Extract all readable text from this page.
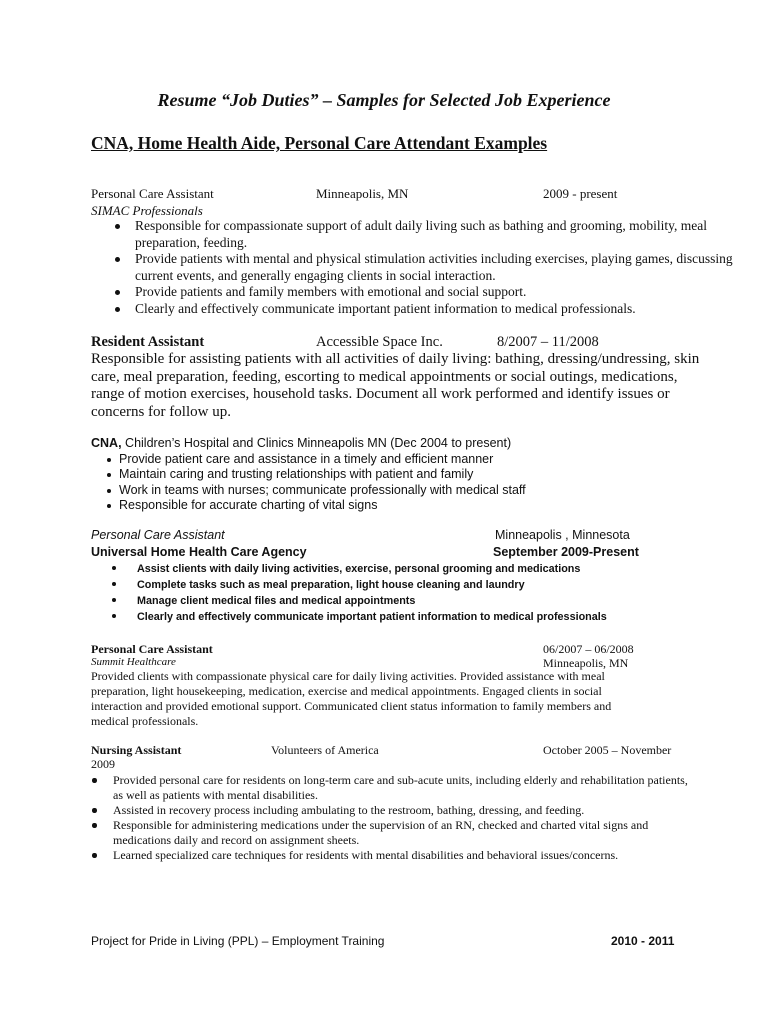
Resume “Job Duties” – Samples for Selected Job Experience
CNA, Home Health Aide, Personal Care Attendant Examples
Personal Care Assistant	Minneapolis, MN	2009 - present
SIMAC Professionals
Responsible for compassionate support of adult daily living such as bathing and grooming, mobility, meal preparation, feeding.
Provide patients with mental and physical stimulation activities including exercises, playing games, discussing current events, and generally engaging clients in social interaction.
Provide patients and family members with emotional and social support.
Clearly and effectively communicate important patient information to medical professionals.
Resident Assistant	Accessible Space Inc.	8/2007 – 11/2008
Responsible for assisting patients with all activities of daily living: bathing, dressing/undressing, skin care, meal preparation, feeding, escorting to medical appointments or social outings, medications, range of motion exercises, household tasks. Document all work performed and identify issues or concerns for follow up.
CNA, Children’s Hospital and Clinics Minneapolis MN (Dec 2004 to present)
Provide patient care and assistance in a timely and efficient manner
Maintain caring and trusting relationships with patient and family
Work in teams with nurses; communicate professionally with medical staff
Responsible for accurate charting of vital signs
Personal Care Assistant	Minneapolis , Minnesota
Universal Home Health Care Agency	September 2009-Present
Assist clients with daily living activities, exercise, personal grooming and medications
Complete tasks such as meal preparation, light house cleaning and laundry
Manage client medical files and medical appointments
Clearly and effectively communicate important patient information to medical professionals
Personal Care Assistant	06/2007 – 06/2008
Summit Healthcare	Minneapolis, MN
Provided clients with compassionate physical care for daily living activities. Provided assistance with meal preparation, light housekeeping, medication, exercise and medical appointments. Engaged clients in social interaction and provided emotional support. Communicated client status information to family members and medical professionals.
Nursing Assistant	Volunteers of America	October 2005 – November
2009
Provided personal care for residents on long-term care and sub-acute units, including elderly and rehabilitation patients, as well as patients with mental disabilities.
Assisted in recovery process including ambulating to the restroom, bathing, dressing, and feeding.
Responsible for administering medications under the supervision of an RN, checked and charted vital signs and medications daily and record on assignment sheets.
Learned specialized care techniques for residents with mental disabilities and behavioral issues/concerns.
Project for Pride in Living (PPL) – Employment Training	2010 - 2011
